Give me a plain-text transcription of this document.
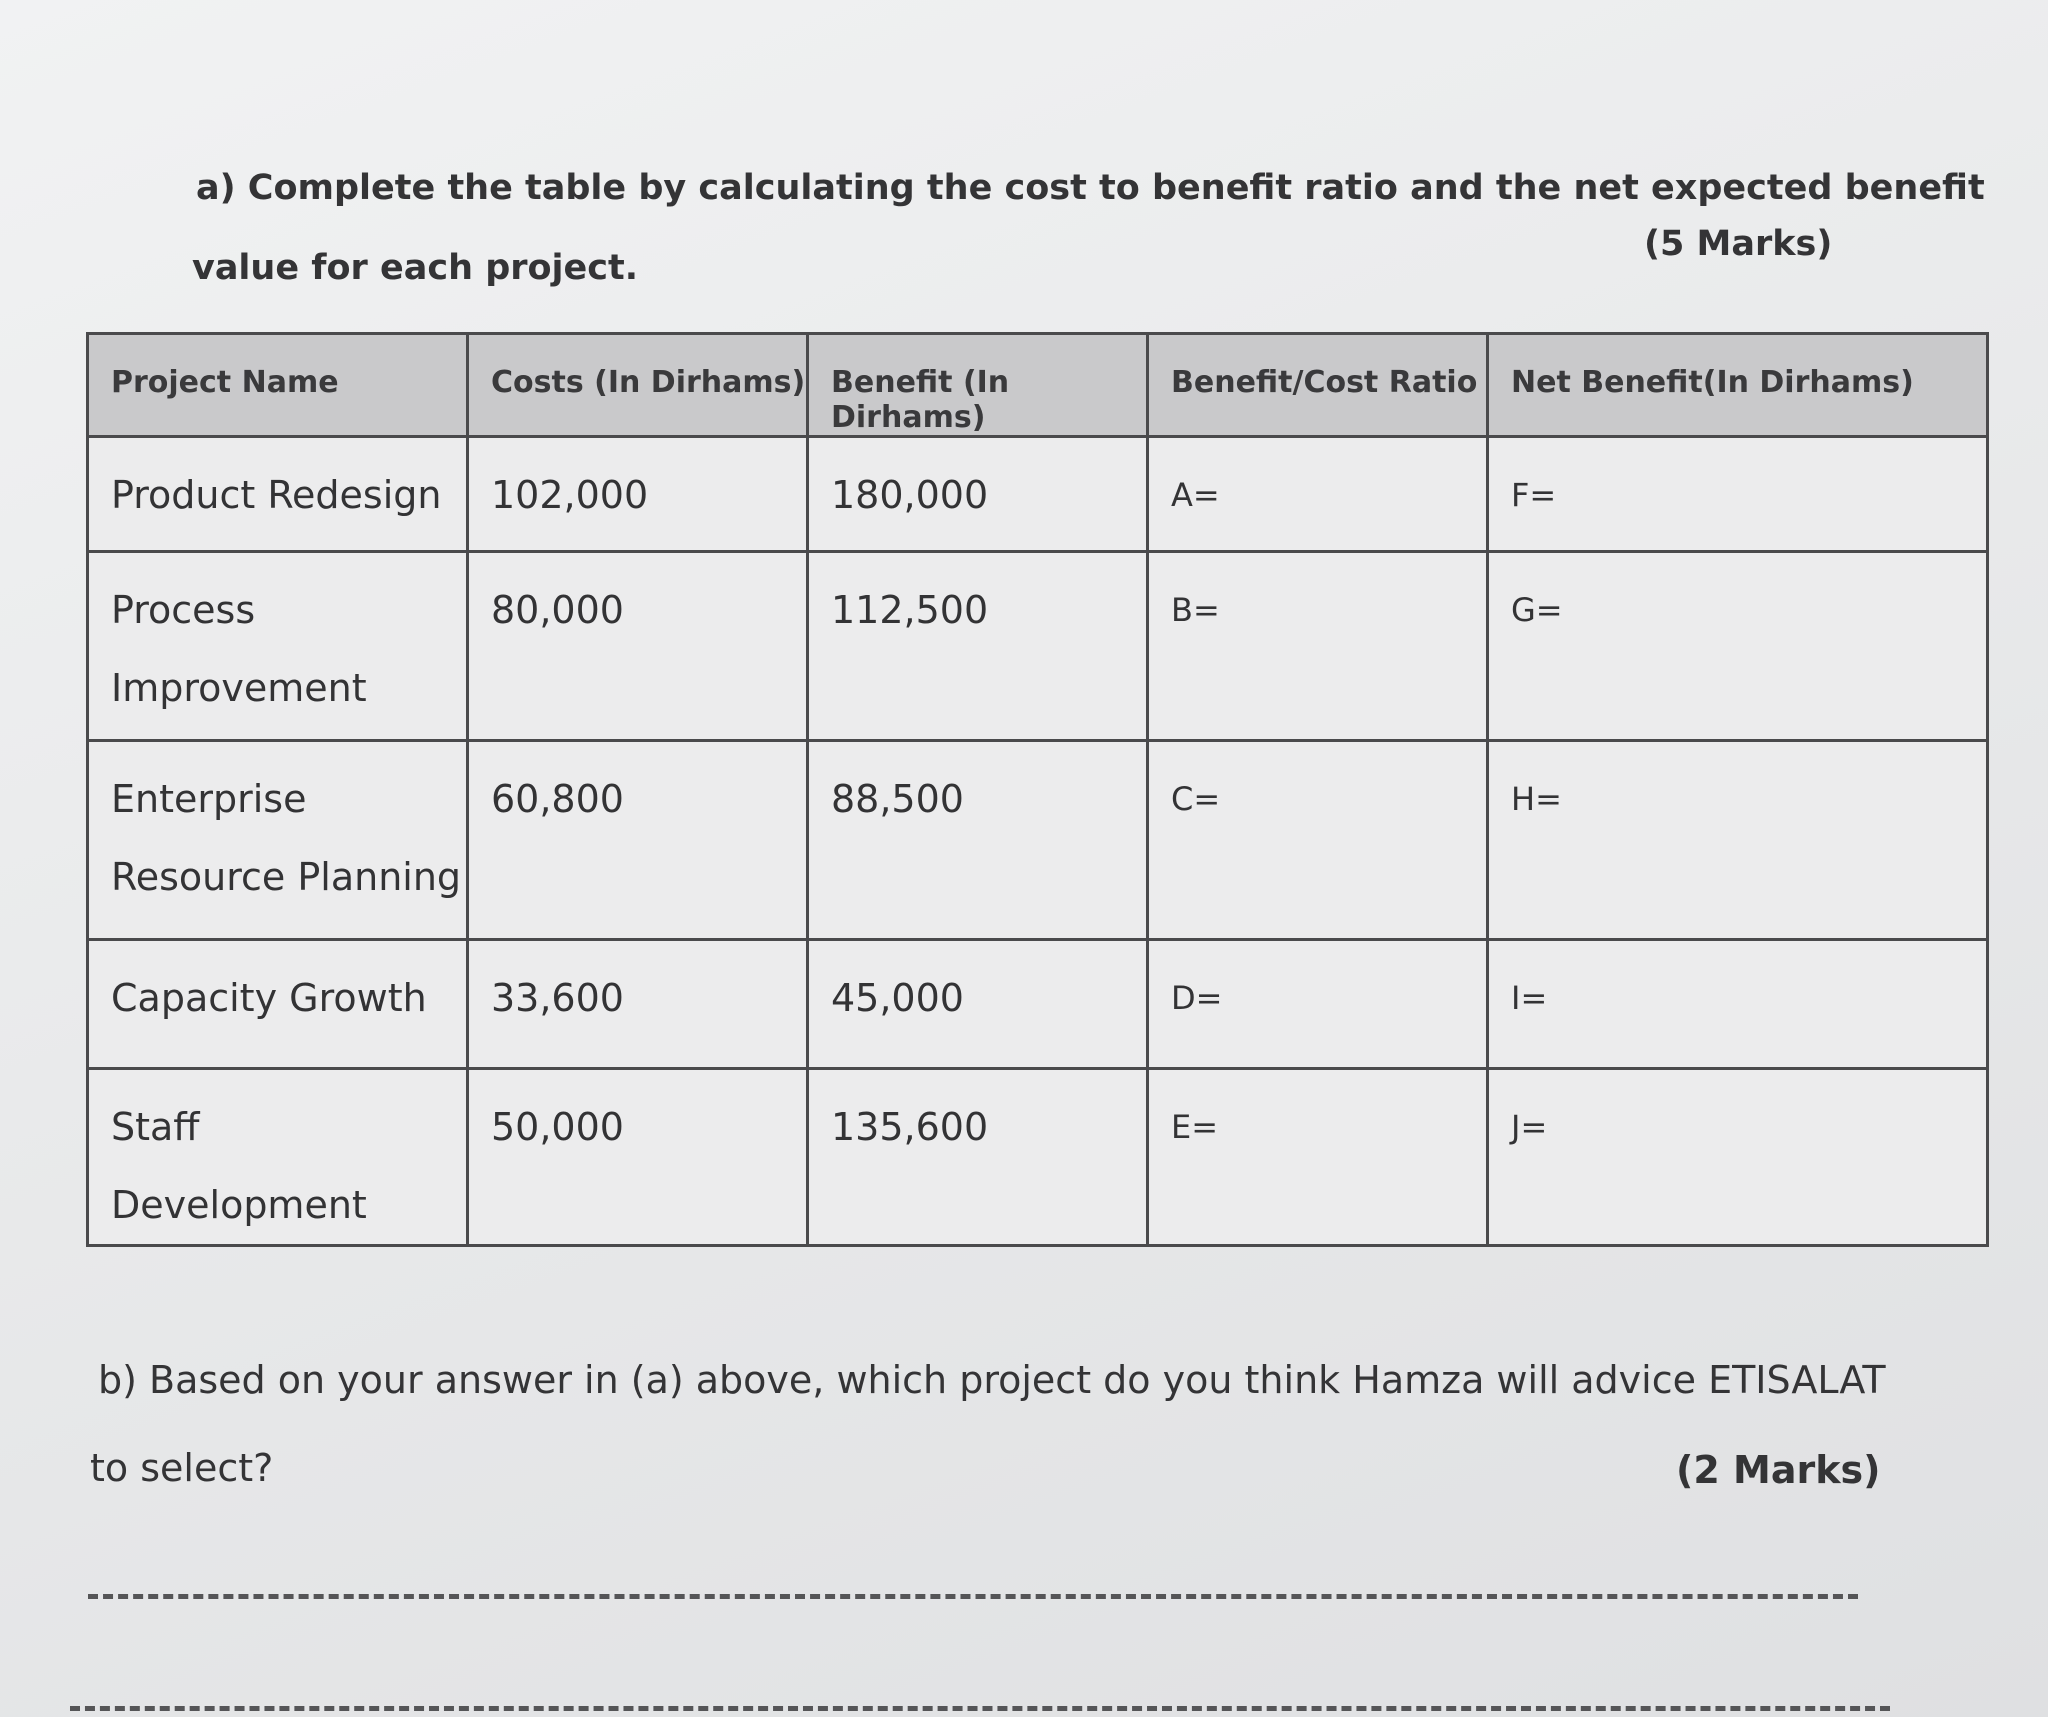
a) Complete the table by calculating the cost to benefit ratio and the net expected benefit
value for each project.
(5 Marks)
Project Name	Costs (In Dirhams)	Benefit (In Dirhams)	Benefit/Cost Ratio	Net Benefit(In Dirhams)

Product Redesign	102,000	180,000	A=	F=

Process
Improvement	80,000	112,500	B=	G=

Enterprise
Resource Planning	60,800	88,500	C=	H=

Capacity Growth	33,600	45,000	D=	I=

Staff Development	50,000	135,600	E=	J=
b) Based on your answer in (a) above, which project do you think Hamza will advice ETISALAT
to select?	(2 Marks)
